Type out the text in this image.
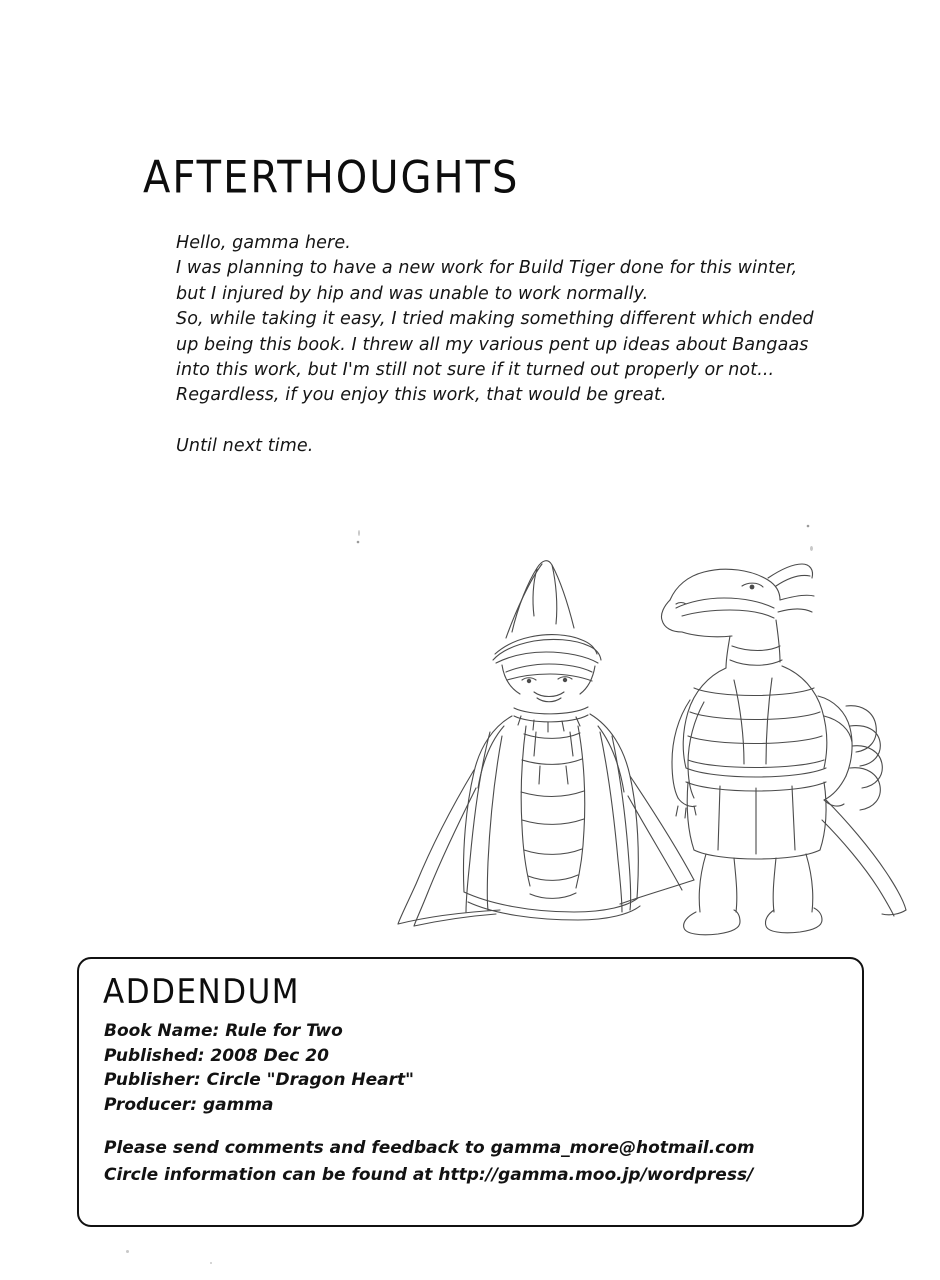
AFTERTHOUGHTS

Hello, gamma here.

I was planning to have a new work for Build Tiger done for this winter,

but I injured by hip and was unable to work normally.

So, while taking it easy, I tried making something different which ended

up being this book. I threw all my various pent up ideas about Bangaas

into this work, but I'm still not sure if it turned out properly or not...

Regardless, if you enjoy this work, that would be great.

Until next time.

ADDENDUM

Book Name: Rule for Two

Published: 2008 Dec 20

Publisher: Circle "Dragon Heart"

Producer: gamma

Please send comments and feedback to gamma_more@hotmail.com

Circle information can be found at http://gamma.moo.jp/wordpress/
